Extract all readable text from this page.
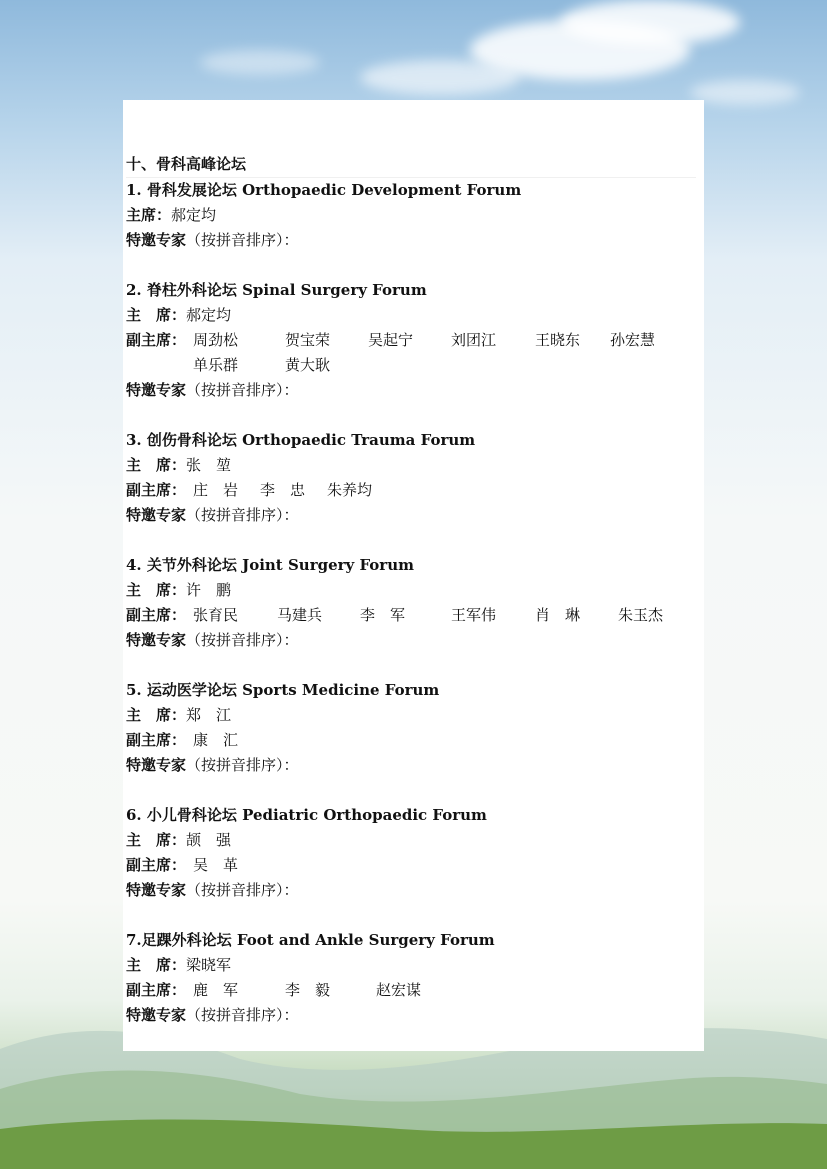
十、骨科高峰论坛
1. 骨科发展论坛 Orthopaedic Development Forum
主席：郝定均
特邀专家（按拼音排序）：
2. 脊柱外科论坛 Spinal Surgery Forum
主　席：郝定均
副主席： 周劲松	贺宝荣	吴起宁	刘团江	王晓东 孙宏慧
单乐群	黄大耿
特邀专家（按拼音排序）：
3. 创伤骨科论坛 Orthopaedic Trauma Forum
主　席：张　堃
副主席： 庄　岩 李　忠 朱养均
特邀专家（按拼音排序）：
4. 关节外科论坛 Joint Surgery Forum
主　席：许　鹏
副主席： 张育民	马建兵	李　军	王军伟	肖　琳	朱玉杰
特邀专家（按拼音排序）：
5. 运动医学论坛 Sports Medicine Forum
主　席：郑　江
副主席： 康　汇
特邀专家（按拼音排序）：
6. 小儿骨科论坛 Pediatric Orthopaedic Forum
主　席：颉　强
副主席： 吴　革
特邀专家（按拼音排序）：
7.足踝外科论坛 Foot and Ankle Surgery Forum
主　席：梁晓军
副主席： 鹿　军	李　毅	赵宏谋
特邀专家（按拼音排序）：
